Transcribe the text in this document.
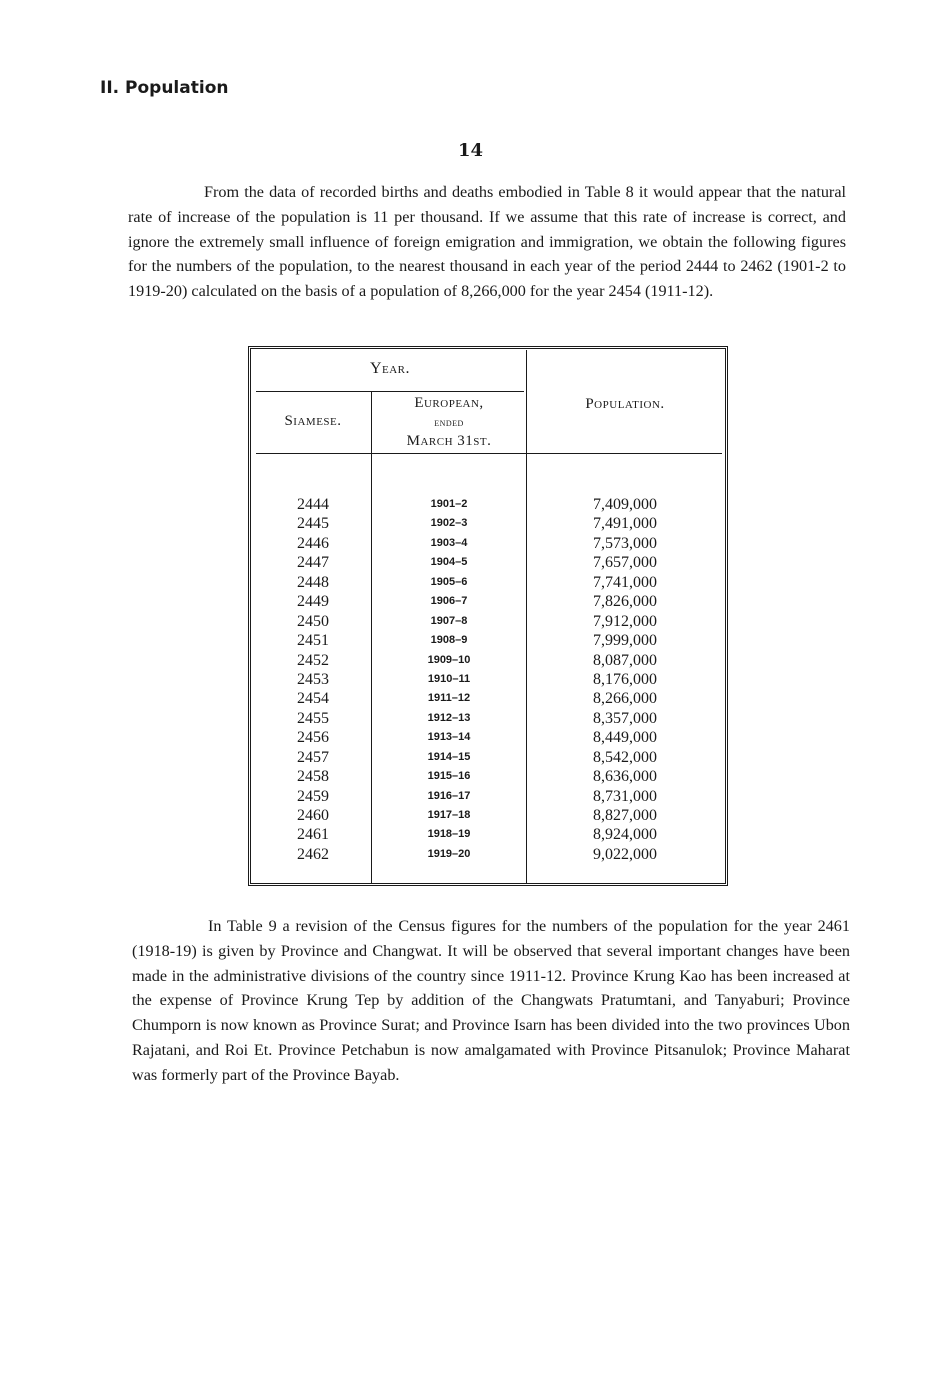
II. Population
14

From the data of recorded births and deaths embodied in Table 8 it would appear that the natural rate of increase of the population is 11 per thousand. If we assume that this rate of increase is correct, and ignore the extremely small influence of foreign emigration and immigration, we obtain the following figures for the numbers of the population, to the nearest thousand in each year of the period 2444 to 2462 (1901-2 to 1919-20) calculated on the basis of a population of 8,266,000 for the year 2454 (1911-12).

Year.
Siamese.
European,
ended
March 31st.
Population.
2444
2445
2446
2447
2448
2449
2450
2451
2452
2453
2454
2455
2456
2457
2458
2459
2460
2461
2462
1901–2
1902–3
1903–4
1904–5
1905–6
1906–7
1907–8
1908–9
1909–10
1910–11
1911–12
1912–13
1913–14
1914–15
1915–16
1916–17
1917–18
1918–19
1919–20
7,409,000
7,491,000
7,573,000
7,657,000
7,741,000
7,826,000
7,912,000
7,999,000
8,087,000
8,176,000
8,266,000
8,357,000
8,449,000
8,542,000
8,636,000
8,731,000
8,827,000
8,924,000
9,022,000

In Table 9 a revision of the Census figures for the numbers of the population for the year 2461 (1918-19) is given by Province and Changwat. It will be observed that several important changes have been made in the administrative divisions of the country since 1911-12. Province Krung Kao has been increased at the expense of Province Krung Tep by addition of the Changwats Pratumtani, and Tanyaburi; Province Chumporn is now known as Province Surat; and Province Isarn has been divided into the two provinces Ubon Rajatani, and Roi Et. Province Petchabun is now amalgamated with Province Pitsanulok; Province Maharat was formerly part of the Province Bayab.
